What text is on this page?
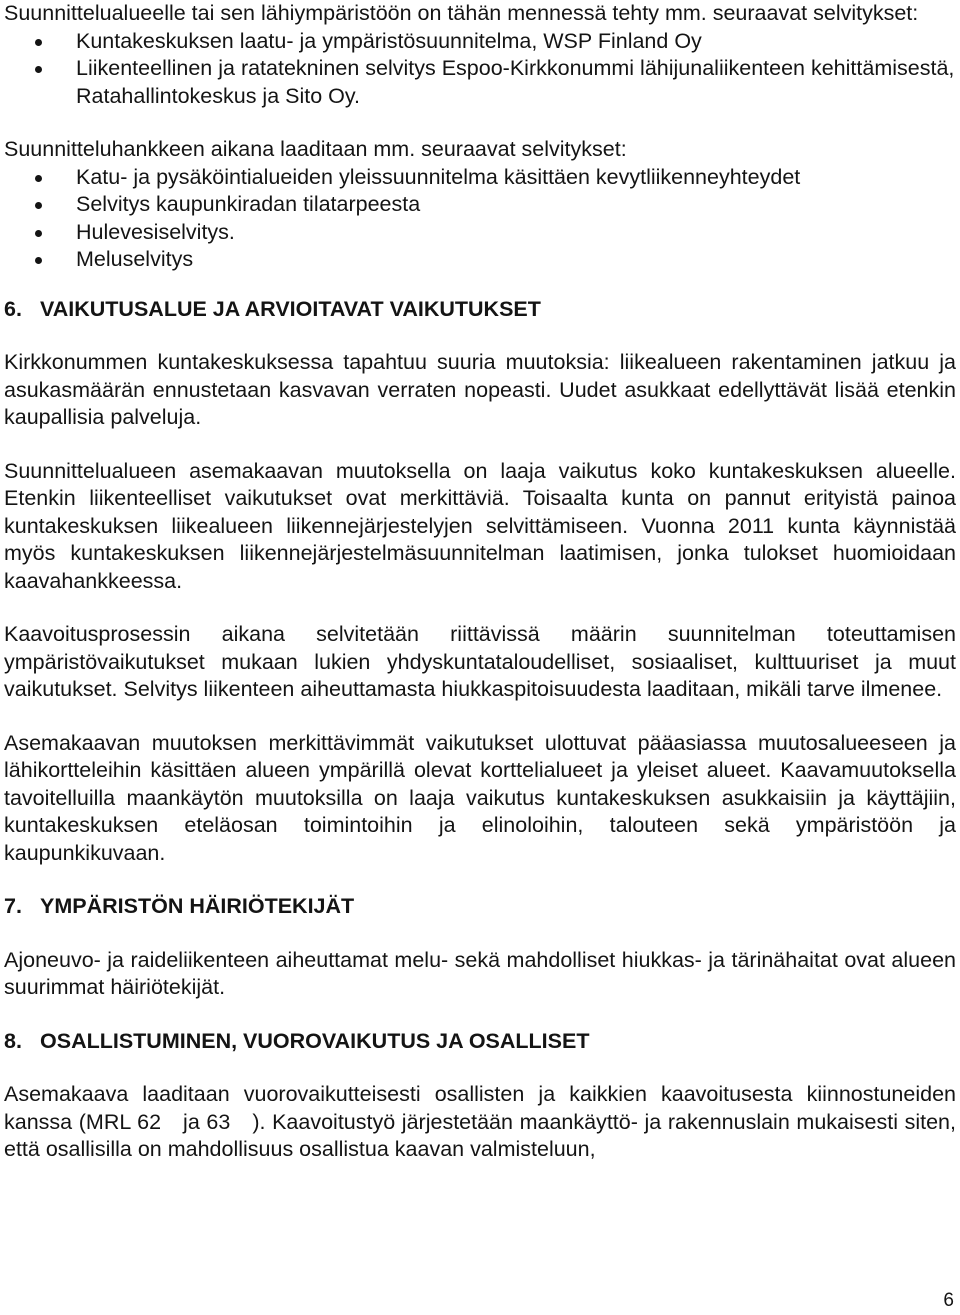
Suunnittelualueelle tai sen lähiympäristöön on tähän mennessä tehty mm. seuraavat selvitykset:

Kuntakeskuksen laatu- ja ympäristösuunnitelma, WSP Finland Oy
Liikenteellinen ja ratatekninen selvitys Espoo-Kirkkonummi lähijunaliikenteen kehittämisestä, Ratahallintokeskus ja Sito Oy.

Suunnitteluhankkeen aikana laaditaan mm. seuraavat selvitykset:

Katu- ja pysäköintialueiden yleissuunnitelma käsittäen kevytliikenneyhteydet
Selvitys kaupunkiradan tilatarpeesta
Hulevesiselvitys.
Meluselvitys
6. VAIKUTUSALUE JA ARVIOITAVAT VAIKUTUKSET

Kirkkonummen kuntakeskuksessa tapahtuu suuria muutoksia: liikealueen rakentaminen jatkuu ja asukasmäärän ennustetaan kasvavan verraten nopeasti. Uudet asukkaat edellyttävät lisää etenkin kaupallisia palveluja.

Suunnittelualueen asemakaavan muutoksella on laaja vaikutus koko kuntakeskuksen alueelle. Etenkin liikenteelliset vaikutukset ovat merkittäviä. Toisaalta kunta on pannut erityistä painoa kuntakeskuksen liikealueen liikennejärjestelyjen selvittämiseen. Vuonna 2011 kunta käynnistää myös kuntakeskuksen liikennejärjestelmäsuunnitelman laatimisen, jonka tulokset huomioidaan kaavahankkeessa.

Kaavoitusprosessin aikana selvitetään riittävissä määrin suunnitelman toteuttamisen ympäristövaikutukset mukaan lukien yhdyskuntataloudelliset, sosiaaliset, kulttuuriset ja muut vaikutukset. Selvitys liikenteen aiheuttamasta hiukkaspitoisuudesta laaditaan, mikäli tarve ilmenee.

Asemakaavan muutoksen merkittävimmät vaikutukset ulottuvat pääasiassa muutosalueeseen ja lähikortteleihin käsittäen alueen ympärillä olevat korttelialueet ja yleiset alueet. Kaavamuutoksella tavoitelluilla maankäytön muutoksilla on laaja vaikutus kuntakeskuksen asukkaisiin ja käyttäjiin, kuntakeskuksen eteläosan toimintoihin ja elinoloihin, talouteen sekä ympäristöön ja kaupunkikuvaan.

7. YMPÄRISTÖN HÄIRIÖTEKIJÄT

Ajoneuvo- ja raideliikenteen aiheuttamat melu- sekä mahdolliset hiukkas- ja tärinähaitat ovat alueen suurimmat häiriötekijät.

8. OSALLISTUMINEN, VUOROVAIKUTUS JA OSALLISET

Asemakaava laaditaan vuorovaikutteisesti osallisten ja kaikkien kaavoitusesta kiinnostuneiden kanssa (MRL 62 ja 63 ). Kaavoitustyö järjestetään maankäyttö- ja rakennuslain mukaisesti siten, että osallisilla on mahdollisuus osallistua kaavan valmisteluun,

6
